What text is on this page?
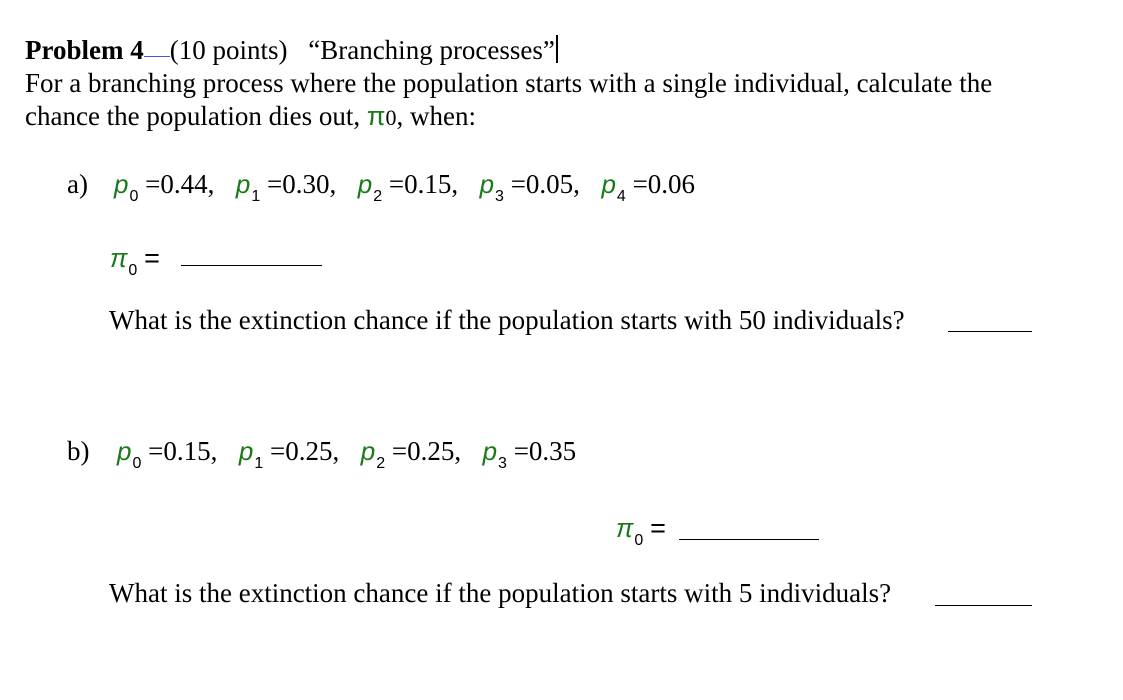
Problem 4 (10 points) “Branching processes”
For a branching process where the population starts with a single individual, calculate the
chance the population dies out, π0, when:
a) $p_0 =0.44$, $p_1 =0.30$, $p_2 =0.15$, $p_3 =0.05$, $p_4 =0.06$
$\pi_0$ =
What is the extinction chance if the population starts with 50 individuals?
b) $p_0 =0.15$, $p_1 =0.25$, $p_2 =0.25$, $p_3 =0.35$
$\pi_0$ =
What is the extinction chance if the population starts with 5 individuals?
